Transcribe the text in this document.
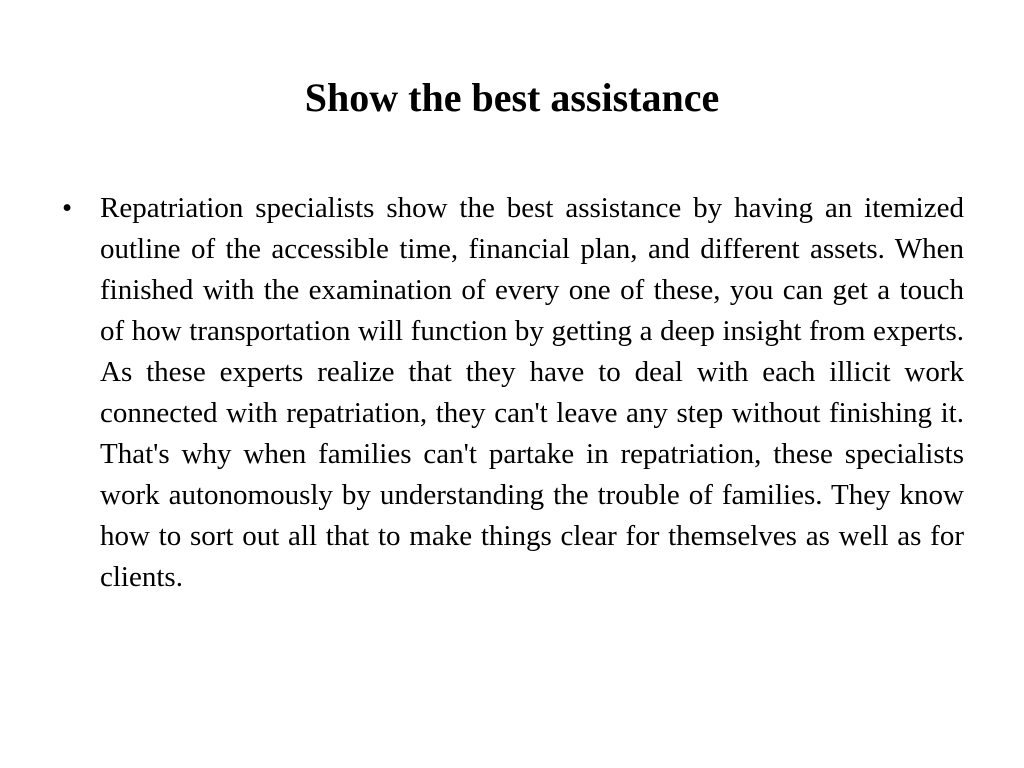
Show the best assistance
• Repatriation specialists show the best assistance by having an itemized outline of the accessible time, financial plan, and different assets. When finished with the examination of every one of these, you can get a touch of how transportation will function by getting a deep insight from experts. As these experts realize that they have to deal with each illicit work connected with repatriation, they can't leave any step without finishing it. That's why when families can't partake in repatriation, these specialists work autonomously by understanding the trouble of families. They know how to sort out all that to make things clear for themselves as well as for clients.
